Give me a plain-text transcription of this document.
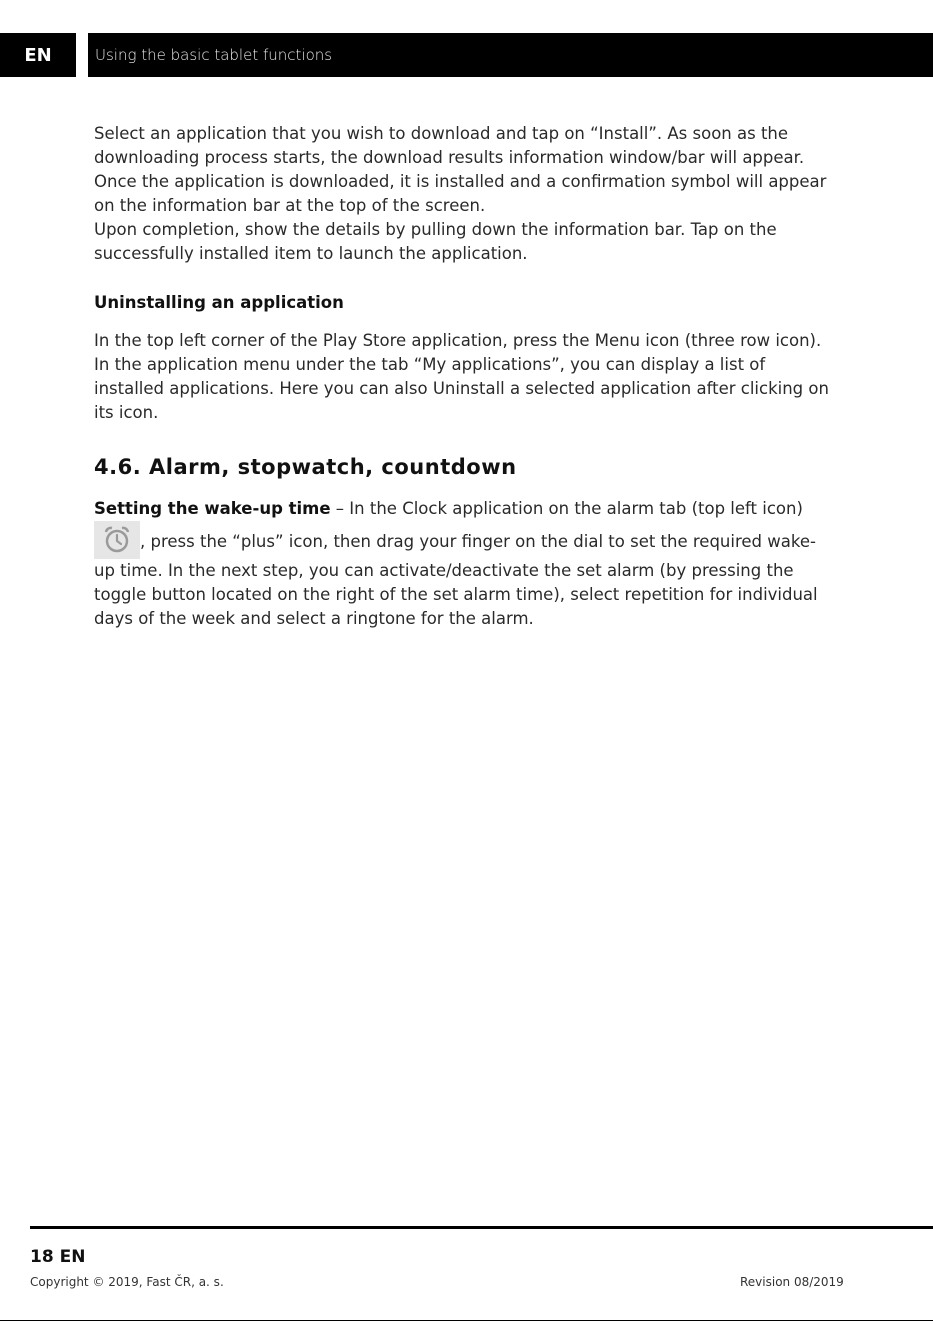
EN	Using the basic tablet functions

Select an application that you wish to download and tap on “Install”. As soon as the downloading process starts, the download results information window/bar will appear. Once the application is downloaded, it is installed and a confirmation symbol will appear on the information bar at the top of the screen.

Upon completion, show the details by pulling down the information bar. Tap on the successfully installed item to launch the application.

Uninstalling an application

In the top left corner of the Play Store application, press the Menu icon (three row icon). In the application menu under the tab “My applications”, you can display a list of installed applications. Here you can also Uninstall a selected application after clicking on its icon.

4.6. Alarm, stopwatch, countdown

Setting the wake-up time – In the Clock application on the alarm tab (top left icon)

, press the “plus” icon, then drag your finger on the dial to set the required wake-up time. In the next step, you can activate/deactivate the set alarm (by pressing the toggle button located on the right of the set alarm time), select repetition for individual days of the week and select a ringtone for the alarm.

18 EN
Copyright © 2019, Fast ČR, a. s.	Revision 08/2019
